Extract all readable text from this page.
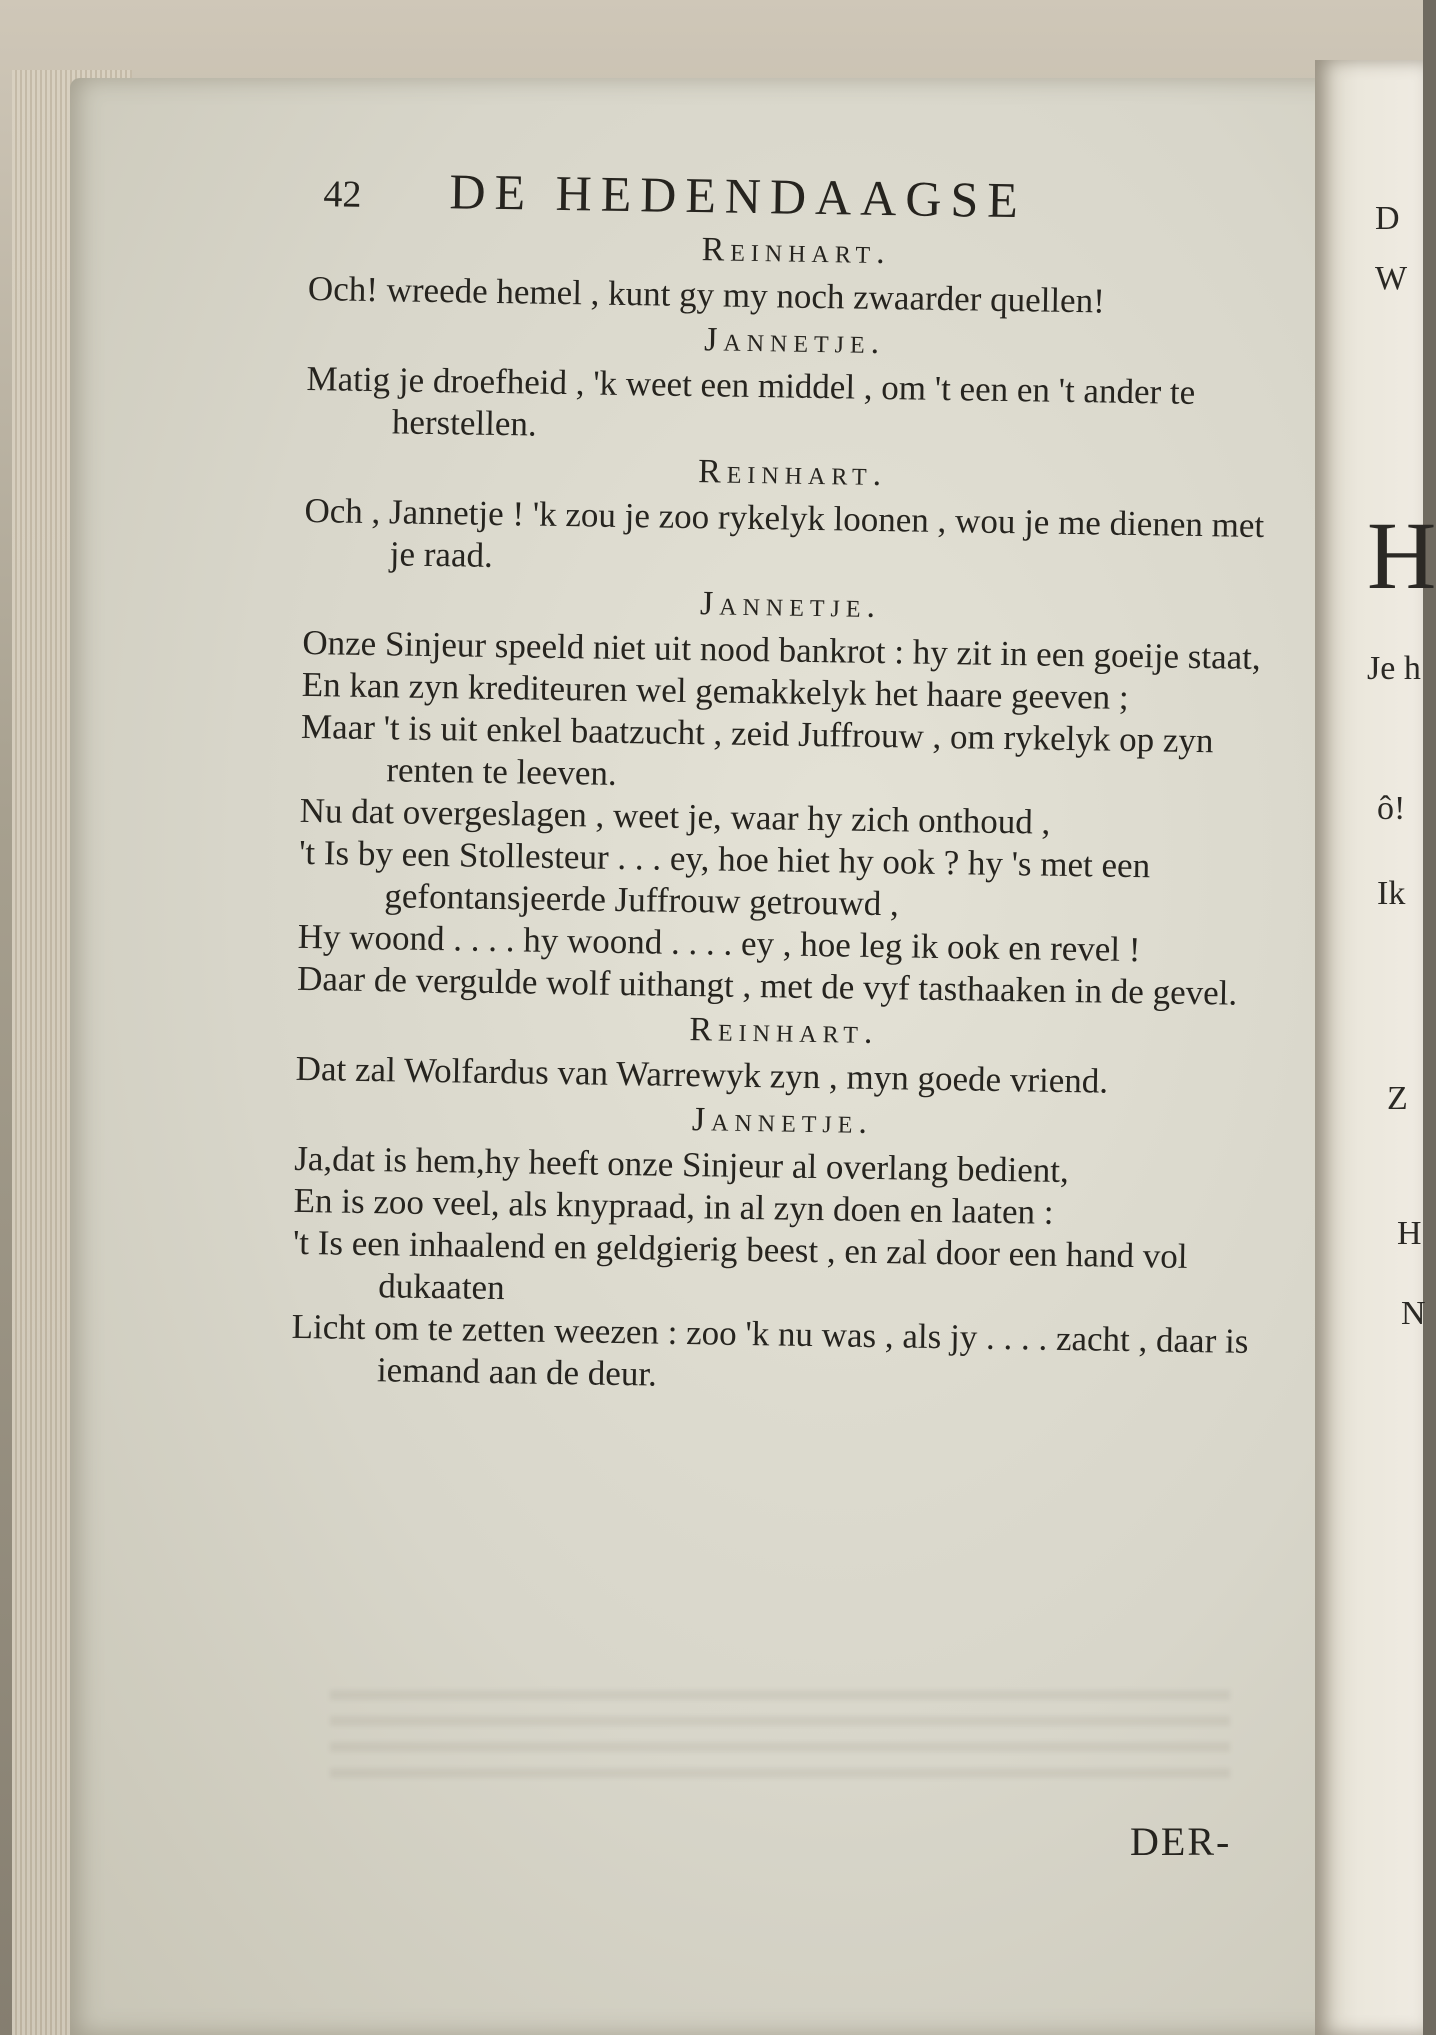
D
W
H
Je h
ô!
Ik
Z
H
N
42 DE HEDENDAAGSE
Reinhart.

Och! wreede hemel , kunt gy my noch zwaarder quellen!

Jannetje.

Matig je droefheid , 'k weet een middel , om 't een en 't ander te herstellen.

Reinhart.

Och , Jannetje ! 'k zou je zoo rykelyk loonen , wou je me dienen met je raad.

Jannetje.

Onze Sinjeur speeld niet uit nood bankrot : hy zit in een goeije staat,

En kan zyn krediteuren wel gemakkelyk het haare geeven ;

Maar 't is uit enkel baatzucht , zeid Juffrouw , om rykelyk op zyn renten te leeven.

Nu dat overgeslagen , weet je, waar hy zich onthoud ,

't Is by een Stollesteur . . . ey, hoe hiet hy ook ? hy 's met een gefontansjeerde Juffrouw getrouwd ,

Hy woond . . . . hy woond . . . . ey , hoe leg ik ook en revel !

Daar de vergulde wolf uithangt , met de vyf tasthaaken in de gevel.

Reinhart.

Dat zal Wolfardus van Warrewyk zyn , myn goede vriend.

Jannetje.

Ja,dat is hem,hy heeft onze Sinjeur al overlang bedient,

En is zoo veel, als knypraad, in al zyn doen en laaten :

't Is een inhaalend en geldgierig beest , en zal door een hand vol dukaaten

Licht om te zetten weezen : zoo 'k nu was , als jy . . . . zacht , daar is iemand aan de deur.

DER-
